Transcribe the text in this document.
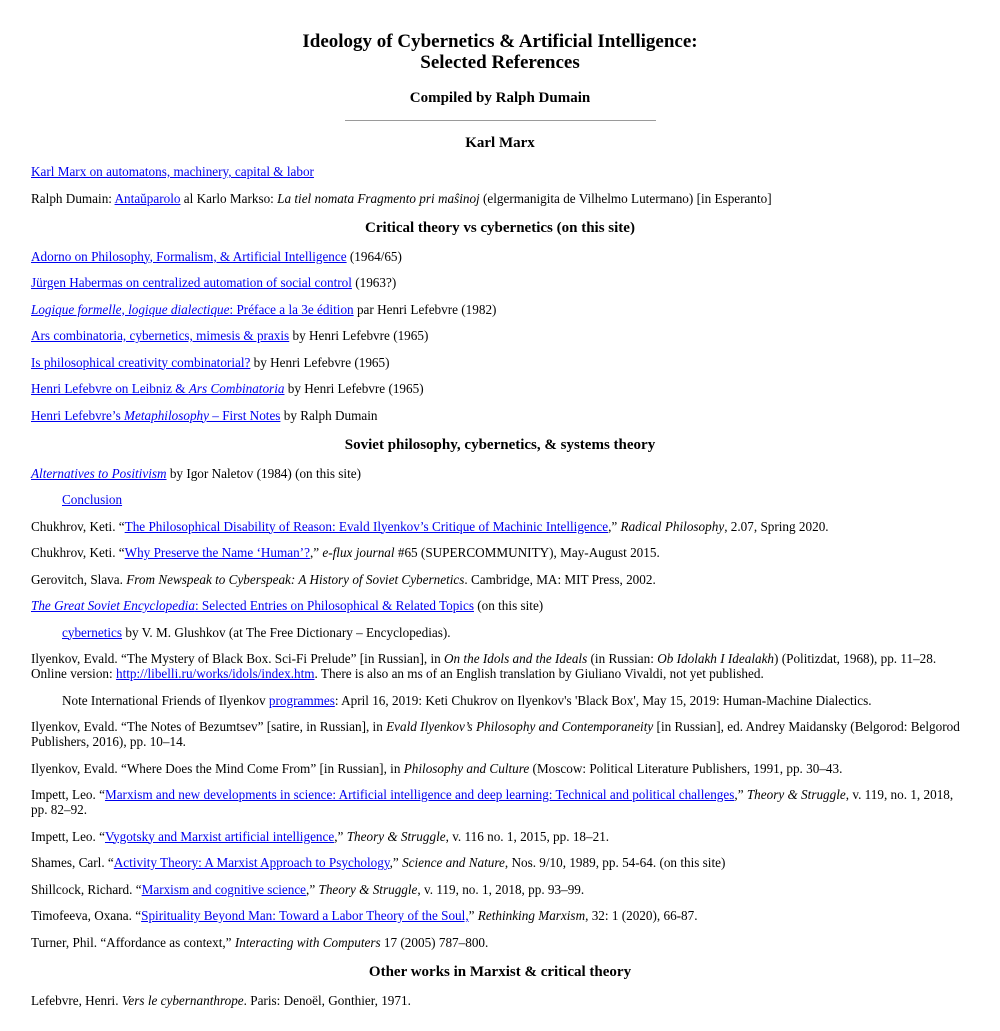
Ideology of Cybernetics & Artificial Intelligence:
Selected References
Compiled by Ralph Dumain
Karl Marx

Karl Marx on automatons, machinery, capital & labor

Ralph Dumain: Antaŭparolo al Karlo Markso: La tiel nomata Fragmento pri maŝinoj (elgermanigita de Vilhelmo Lutermano) [in Esperanto]

Critical theory vs cybernetics (on this site)

Adorno on Philosophy, Formalism, & Artificial Intelligence (1964/65)

Jürgen Habermas on centralized automation of social control (1963?)

Logique formelle, logique dialectique: Préface a la 3e édition par Henri Lefebvre (1982)

Ars combinatoria, cybernetics, mimesis & praxis by Henri Lefebvre (1965)

Is philosophical creativity combinatorial? by Henri Lefebvre (1965)

Henri Lefebvre on Leibniz & Ars Combinatoria by Henri Lefebvre (1965)

Henri Lefebvre’s Metaphilosophy – First Notes by Ralph Dumain

Soviet philosophy, cybernetics, & systems theory

Alternatives to Positivism by Igor Naletov (1984) (on this site)

Conclusion

Chukhrov, Keti. “The Philosophical Disability of Reason: Evald Ilyenkov’s Critique of Machinic Intelligence,” Radical Philosophy, 2.07, Spring 2020.

Chukhrov, Keti. “Why Preserve the Name ‘Human’?,” e-flux journal #65 (SUPERCOMMUNITY), May-August 2015.

Gerovitch, Slava. From Newspeak to Cyberspeak: A History of Soviet Cybernetics. Cambridge, MA: MIT Press, 2002.

The Great Soviet Encyclopedia: Selected Entries on Philosophical & Related Topics (on this site)

cybernetics by V. M. Glushkov (at The Free Dictionary – Encyclopedias).

Ilyenkov, Evald. “The Mystery of Black Box. Sci-Fi Prelude” [in Russian], in On the Idols and the Ideals (in Russian: Ob Idolakh I Idealakh) (Politizdat, 1968), pp. 11–28. Online version: http://libelli.ru/works/idols/index.htm. There is also an ms of an English translation by Giuliano Vivaldi, not yet published.

Note International Friends of Ilyenkov programmes: April 16, 2019: Keti Chukrov on Ilyenkov's 'Black Box', May 15, 2019: Human-Machine Dialectics.

Ilyenkov, Evald. “The Notes of Bezumtsev” [satire, in Russian], in Evald Ilyenkov’s Philosophy and Contemporaneity [in Russian], ed. Andrey Maidansky (Belgorod: Belgorod Publishers, 2016), pp. 10–14.

Ilyenkov, Evald. “Where Does the Mind Come From” [in Russian], in Philosophy and Culture (Moscow: Political Literature Publishers, 1991, pp. 30–43.

Impett, Leo. “Marxism and new developments in science: Artificial intelligence and deep learning: Technical and political challenges,” Theory & Struggle, v. 119, no. 1, 2018, pp. 82–92.

Impett, Leo. “Vygotsky and Marxist artificial intelligence,” Theory & Struggle, v. 116 no. 1, 2015, pp. 18–21.

Shames, Carl. “Activity Theory: A Marxist Approach to Psychology,” Science and Nature, Nos. 9/10, 1989, pp. 54-64. (on this site)

Shillcock, Richard. “Marxism and cognitive science,” Theory & Struggle, v. 119, no. 1, 2018, pp. 93–99.

Timofeeva, Oxana. “Spirituality Beyond Man: Toward a Labor Theory of the Soul,” Rethinking Marxism, 32: 1 (2020), 66-87.

Turner, Phil. “Affordance as context,” Interacting with Computers 17 (2005) 787–800.

Other works in Marxist & critical theory

Lefebvre, Henri. Vers le cybernanthrope. Paris: Denoël, Gonthier, 1971.
